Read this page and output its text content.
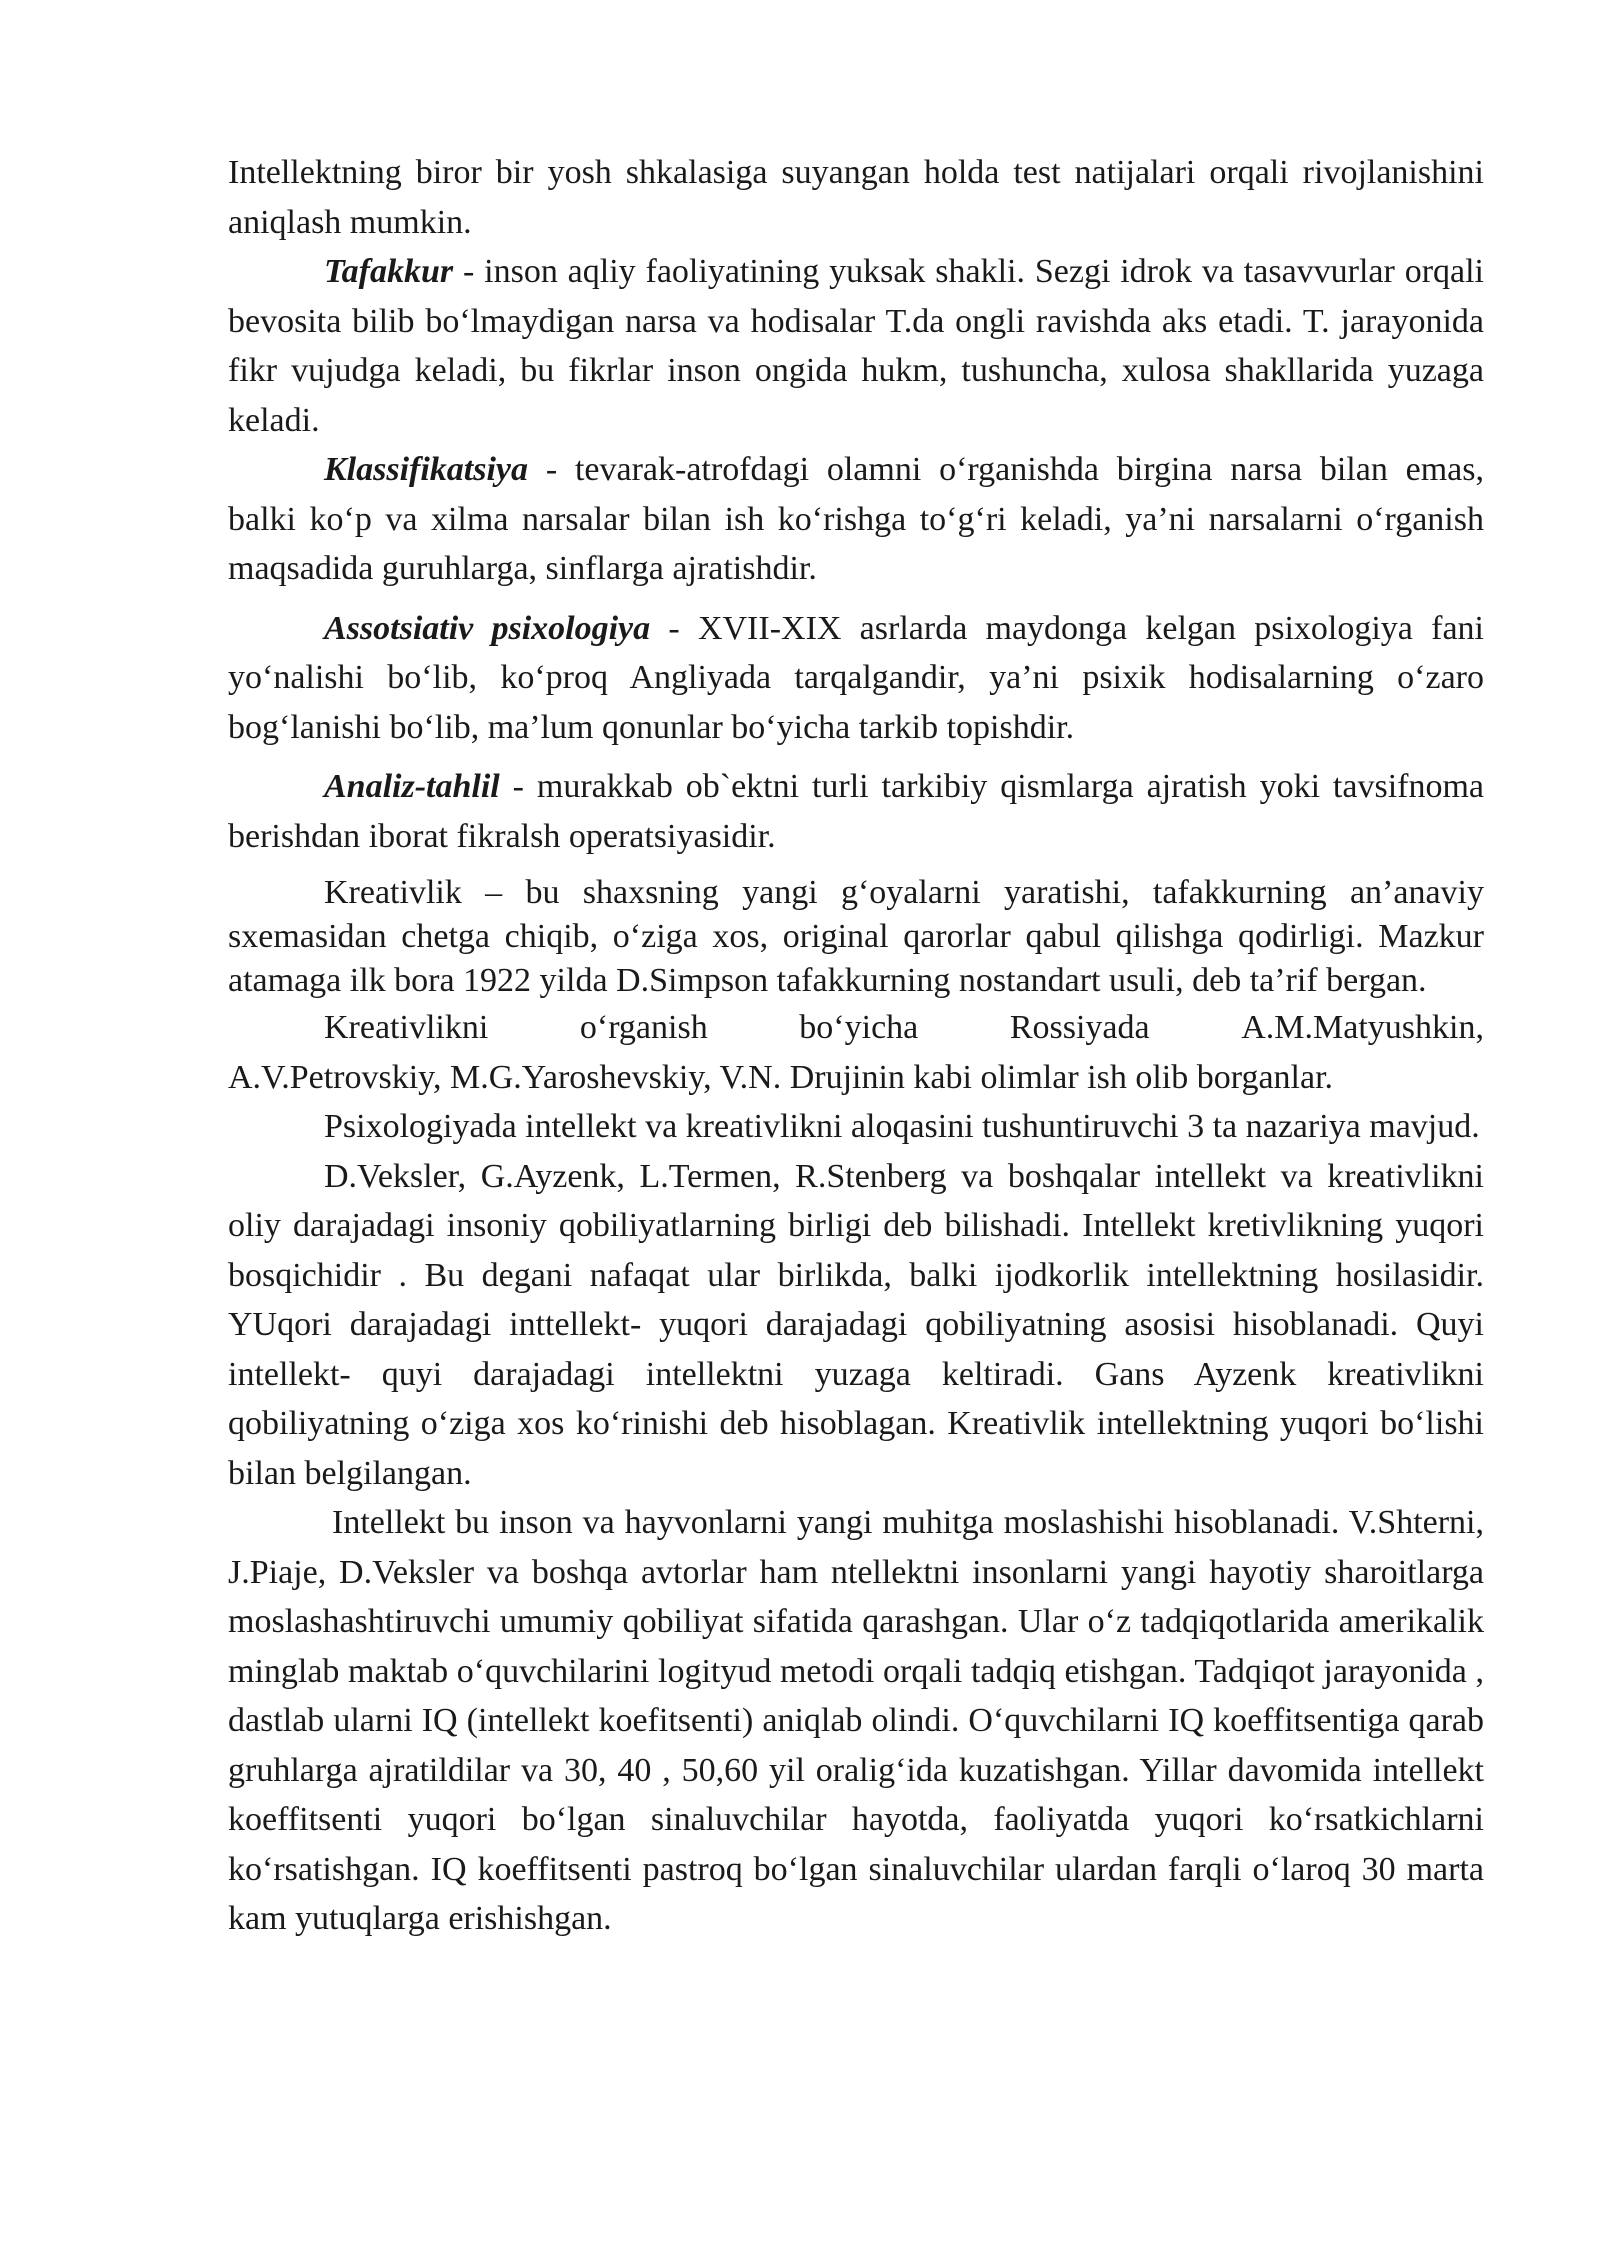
Intellektning biror bir yosh shkalasiga suyangan holda test natijalari orqali rivojlanishini aniqlash mumkin.

Tafakkur - inson aqliy faoliyatining yuksak shakli. Sezgi idrok va tasavvurlar orqali bevosita bilib boʻlmaydigan narsa va hodisalar T.da ongli ravishda aks etadi. T. jarayonida fikr vujudga keladi, bu fikrlar inson ongida hukm, tushuncha, xulosa shakllarida yuzaga keladi.

Klassifikatsiya - tevarak-atrofdagi olamni oʻrganishda birgina narsa bilan emas, balki koʻp va xilma narsalar bilan ish koʻrishga toʻgʻri keladi, ya’ni narsalarni oʻrganish maqsadida guruhlarga, sinflarga ajratishdir.

Assotsiativ psixologiya - XVII-XIX asrlarda maydonga kelgan psixologiya fani yoʻnalishi boʻlib, koʻproq Angliyada tarqalgandir, ya’ni psixik hodisalarning oʻzaro bogʻlanishi boʻlib, ma’lum qonunlar boʻyicha tarkib topishdir.

Analiz-tahlil - murakkab ob`ektni turli tarkibiy qismlarga ajratish yoki tavsifnoma berishdan iborat fikralsh operatsiyasidir.

Kreativlik – bu shaxsning yangi gʻoyalarni yaratishi, tafakkurning an’anaviy sxemasidan chetga chiqib, oʻziga xos, original qarorlar qabul qilishga qodirligi. Mazkur atamaga ilk bora 1922 yilda D.Simpson tafakkurning nostandart usuli, deb ta’rif bergan.

Kreativlikni	oʻrganish	boʻyicha	Rossiyada	A.M.Matyushkin,

A.V.Petrovskiy, M.G.Yaroshevskiy, V.N. Drujinin kabi olimlar ish olib borganlar.

Psixologiyada intellekt va kreativlikni aloqasini tushuntiruvchi 3 ta nazariya mavjud.

D.Veksler, G.Ayzenk, L.Termen, R.Stenberg va boshqalar intellekt va kreativlikni oliy darajadagi insoniy qobiliyatlarning birligi deb bilishadi. Intellekt kretivlikning yuqori bosqichidir . Bu degani nafaqat ular birlikda, balki ijodkorlik intellektning hosilasidir. YUqori darajadagi inttellekt- yuqori darajadagi qobiliyatning asosisi hisoblanadi. Quyi intellekt- quyi darajadagi intellektni yuzaga keltiradi. Gans Ayzenk kreativlikni qobiliyatning oʻziga xos koʻrinishi deb hisoblagan. Kreativlik intellektning yuqori boʻlishi bilan belgilangan.

Intellekt bu inson va hayvonlarni yangi muhitga moslashishi hisoblanadi. V.Shterni, J.Piaje, D.Veksler va boshqa avtorlar ham ntellektni insonlarni yangi hayotiy sharoitlarga moslashashtiruvchi umumiy qobiliyat sifatida qarashgan. Ular oʻz tadqiqotlarida amerikalik minglab maktab oʻquvchilarini logityud metodi orqali tadqiq etishgan. Tadqiqot jarayonida , dastlab ularni IQ (intellekt koefitsenti) aniqlab olindi. Oʻquvchilarni IQ koeffitsentiga qarab gruhlarga ajratildilar va 30, 40 , 50,60 yil oraligʻida kuzatishgan. Yillar davomida intellekt koeffitsenti yuqori boʻlgan sinaluvchilar hayotda, faoliyatda yuqori koʻrsatkichlarni koʻrsatishgan. IQ koeffitsenti pastroq boʻlgan sinaluvchilar ulardan farqli oʻlaroq 30 marta kam yutuqlarga erishishgan.
